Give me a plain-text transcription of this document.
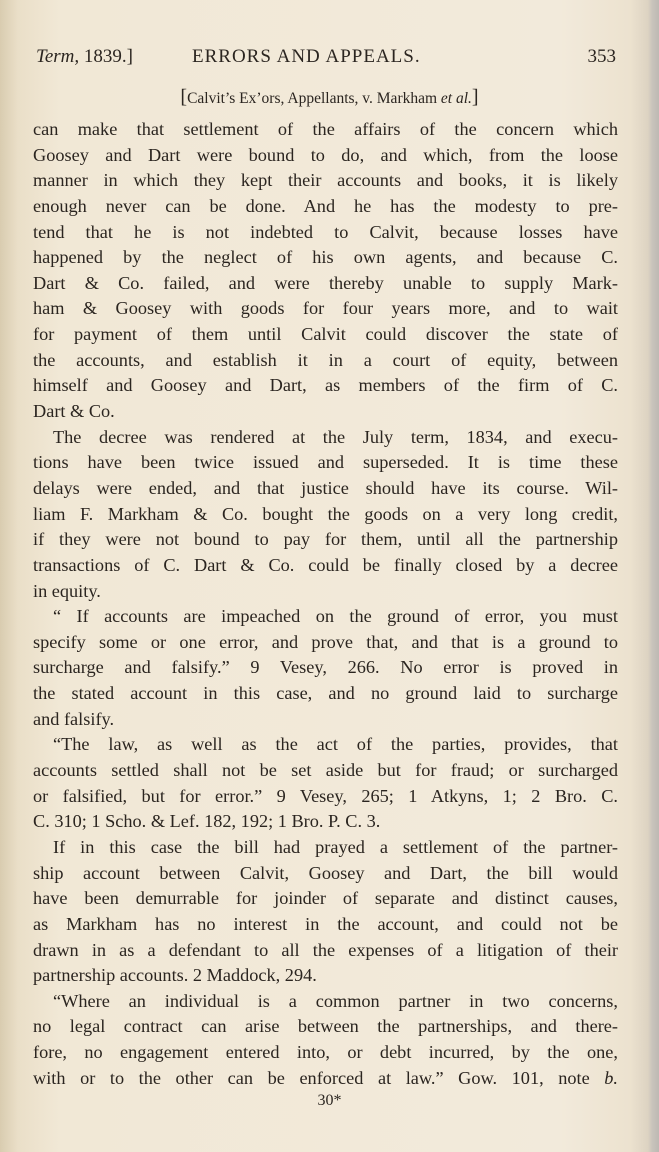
Term, 1839.]	ERRORS AND APPEALS.	353
[Calvit’s Ex’ors, Appellants, v. Markham et al.]
can make that settlement of the affairs of the concern which
Goosey and Dart were bound to do, and which, from the loose
manner in which they kept their accounts and books, it is likely
enough never can be done. And he has the modesty to pre-
tend that he is not indebted to Calvit, because losses have
happened by the neglect of his own agents, and because C.
Dart & Co. failed, and were thereby unable to supply Mark-
ham & Goosey with goods for four years more, and to wait
for payment of them until Calvit could discover the state of
the accounts, and establish it in a court of equity, between
himself and Goosey and Dart, as members of the firm of C.
Dart & Co.
The decree was rendered at the July term, 1834, and execu-
tions have been twice issued and superseded. It is time these
delays were ended, and that justice should have its course. Wil-
liam F. Markham & Co. bought the goods on a very long credit,
if they were not bound to pay for them, until all the partnership
transactions of C. Dart & Co. could be finally closed by a decree
in equity.
“ If accounts are impeached on the ground of error, you must
specify some or one error, and prove that, and that is a ground to
surcharge and falsify.” 9 Vesey, 266. No error is proved in
the stated account in this case, and no ground laid to surcharge
and falsify.
“The law, as well as the act of the parties, provides, that
accounts settled shall not be set aside but for fraud; or surcharged
or falsified, but for error.” 9 Vesey, 265; 1 Atkyns, 1; 2 Bro. C.
C. 310; 1 Scho. & Lef. 182, 192; 1 Bro. P. C. 3.
If in this case the bill had prayed a settlement of the partner-
ship account between Calvit, Goosey and Dart, the bill would
have been demurrable for joinder of separate and distinct causes,
as Markham has no interest in the account, and could not be
drawn in as a defendant to all the expenses of a litigation of their
partnership accounts. 2 Maddock, 294.
“Where an individual is a common partner in two concerns,
no legal contract can arise between the partnerships, and there-
fore, no engagement entered into, or debt incurred, by the one,
with or to the other can be enforced at law.” Gow. 101, note b.
30*
